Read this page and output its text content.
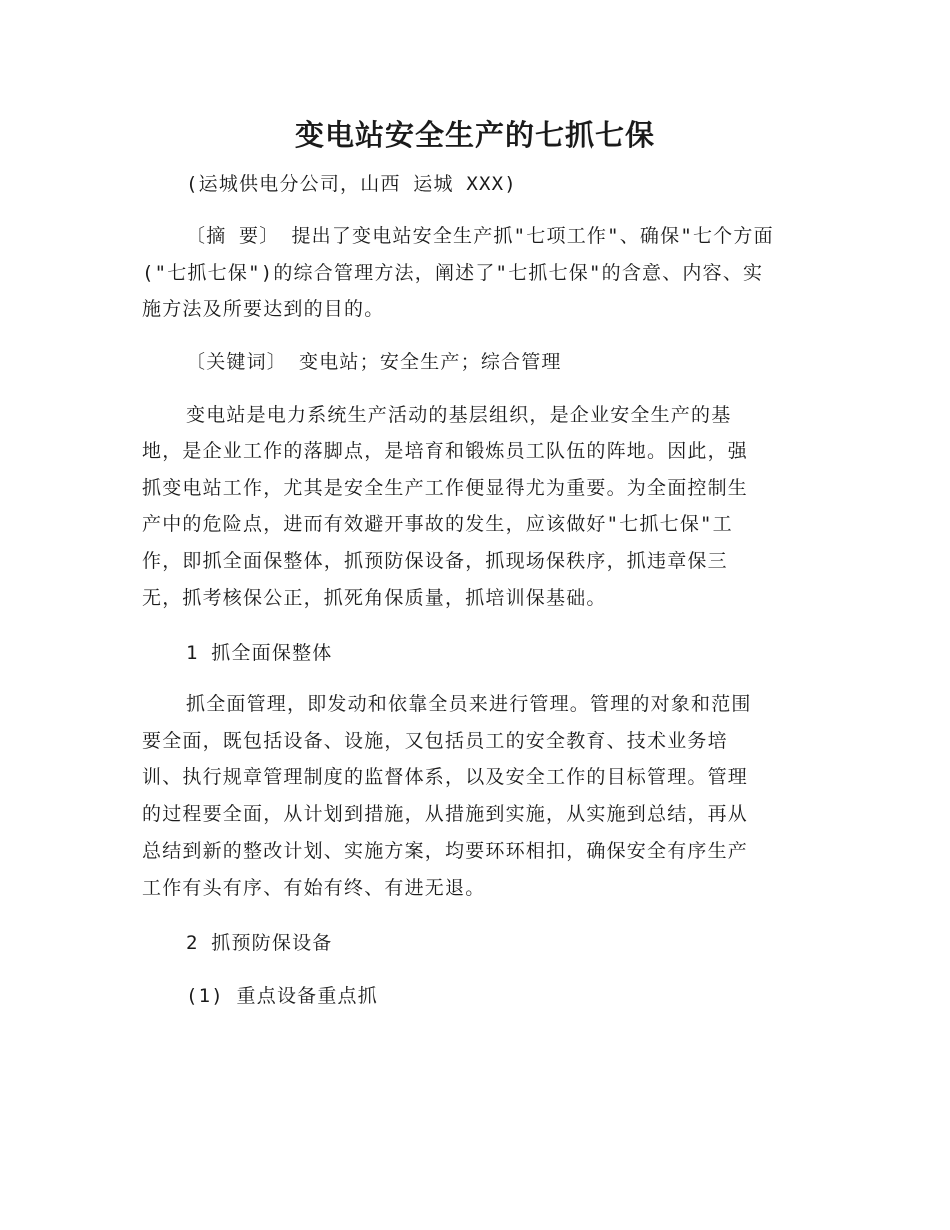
变电站安全生产的七抓七保
(运城供电分公司，山西 运城 XXX)
〔摘 要〕 提出了变电站安全生产抓"七项工作"、确保"七个方面
("七抓七保")的综合管理方法，阐述了"七抓七保"的含意、内容、实
施方法及所要达到的目的。
〔关键词〕 变电站；安全生产；综合管理
变电站是电力系统生产活动的基层组织，是企业安全生产的基
地，是企业工作的落脚点，是培育和锻炼员工队伍的阵地。因此，强
抓变电站工作，尤其是安全生产工作便显得尤为重要。为全面控制生
产中的危险点，进而有效避开事故的发生，应该做好"七抓七保"工
作，即抓全面保整体，抓预防保设备，抓现场保秩序，抓违章保三
无，抓考核保公正，抓死角保质量，抓培训保基础。
1 抓全面保整体
抓全面管理，即发动和依靠全员来进行管理。管理的对象和范围
要全面，既包括设备、设施，又包括员工的安全教育、技术业务培
训、执行规章管理制度的监督体系，以及安全工作的目标管理。管理
的过程要全面，从计划到措施，从措施到实施，从实施到总结，再从
总结到新的整改计划、实施方案，均要环环相扣，确保安全有序生产
工作有头有序、有始有终、有进无退。
2 抓预防保设备
(1) 重点设备重点抓
